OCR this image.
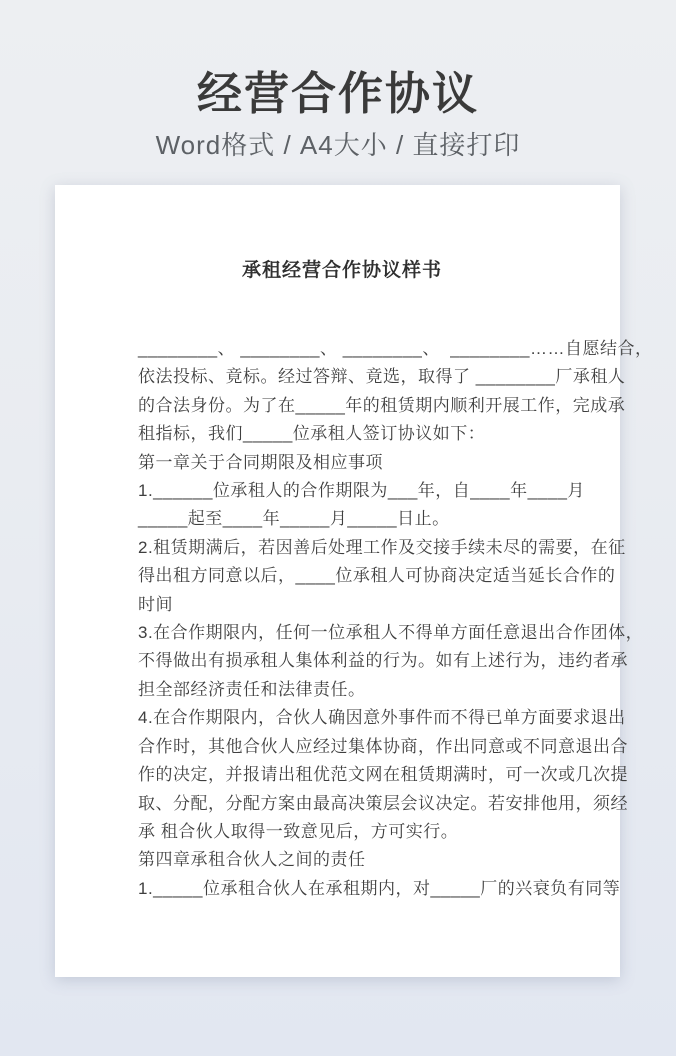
经营合作协议
Word格式 / A4大小 / 直接打印
承租经营合作协议样书
________、 ________、 ________、  ________……自愿结合，
依法投标、竟标。经过答辩、竟选，取得了 ________厂承租人
的合法身份。为了在_____年的租赁期内顺利开展工作，完成承
租指标，我们_____位承租人签订协议如下：
第一章关于合同期限及相应事项
1.______位承租人的合作期限为___年，自____年____月
_____起至____年_____月_____日止。
2.租赁期满后，若因善后处理工作及交接手续未尽的需要，在征
得出租方同意以后，____位承租人可协商决定适当延长合作的
时间
3.在合作期限内，任何一位承租人不得单方面任意退出合作团体，
不得做出有损承租人集体利益的行为。如有上述行为，违约者承
担全部经济责任和法律责任。
4.在合作期限内，合伙人确因意外事件而不得已单方面要求退出
合作时，其他合伙人应经过集体协商，作出同意或不同意退出合
作的决定，并报请出租优范文网在租赁期满时，可一次或几次提
取、分配，分配方案由最高决策层会议决定。若安排他用，须经
承 租合伙人取得一致意见后，方可实行。
第四章承租合伙人之间的责任
1._____位承租合伙人在承租期内，对_____厂的兴衰负有同等
